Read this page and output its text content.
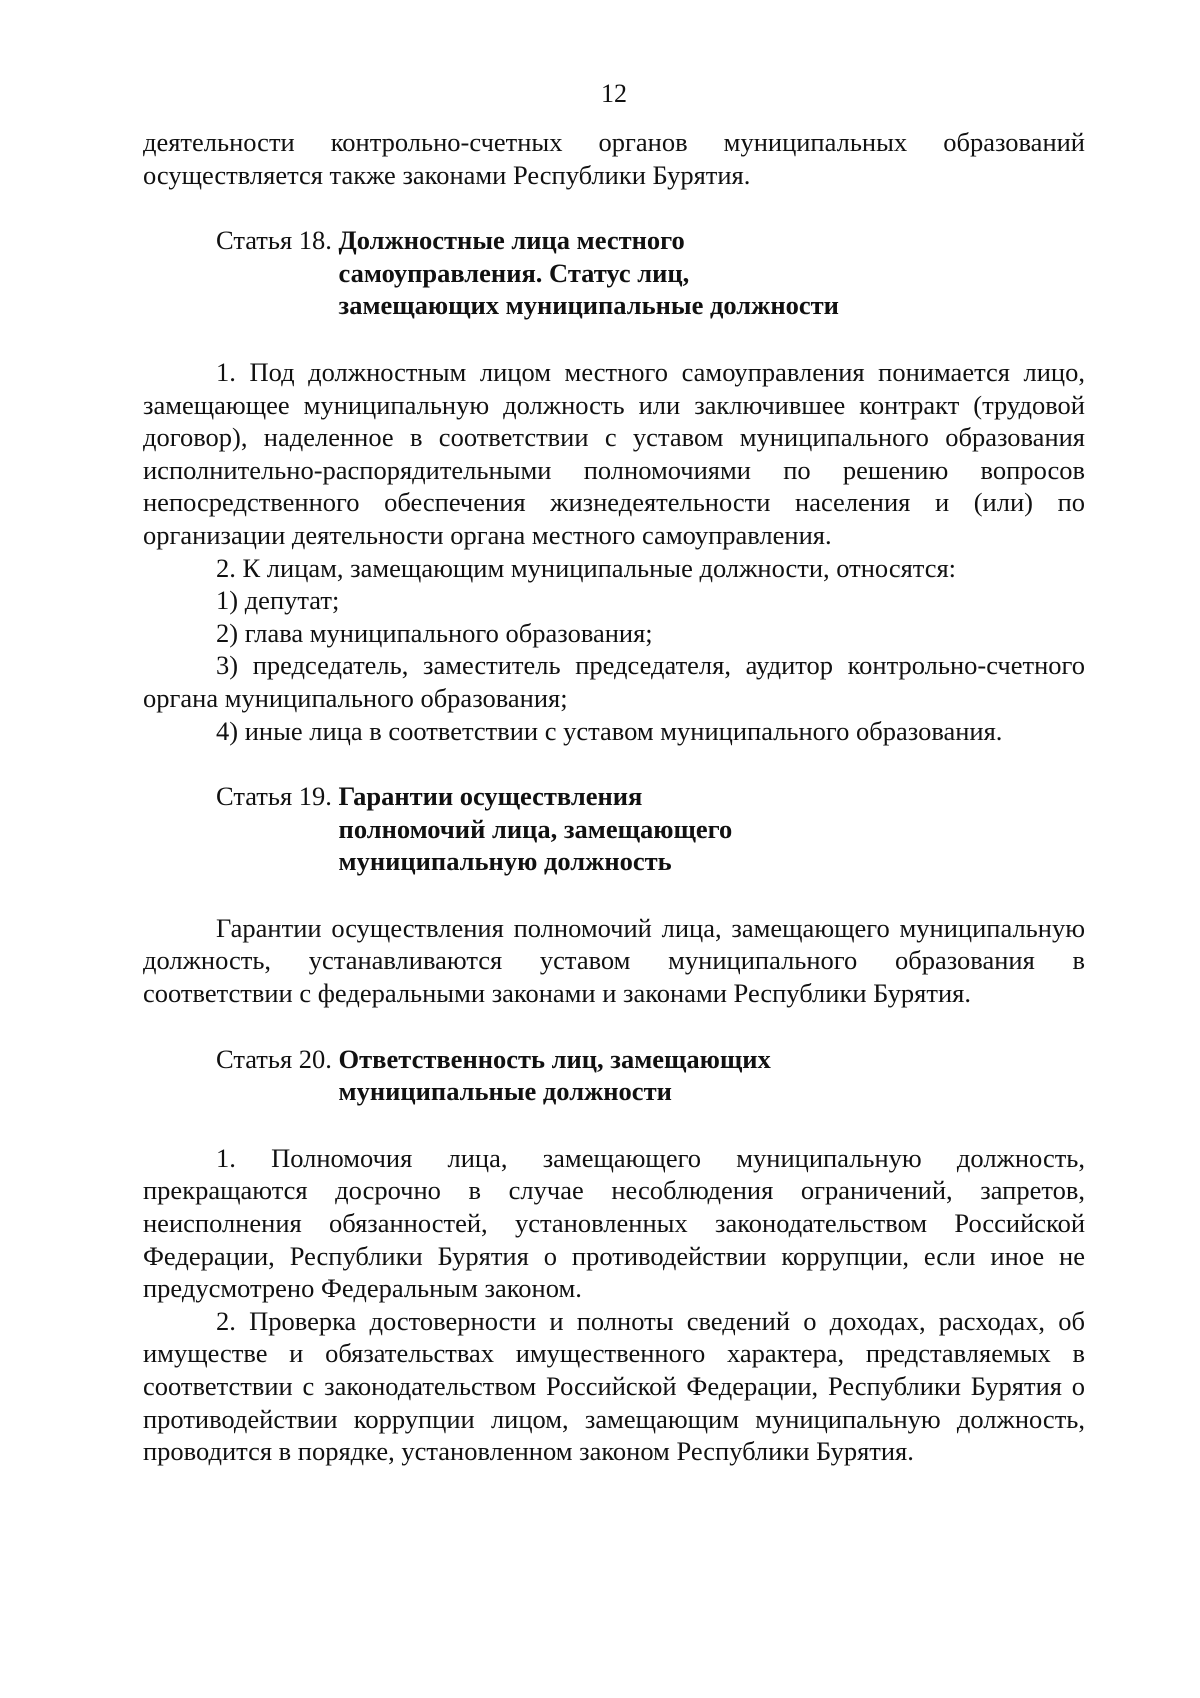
12

деятельности контрольно-счетных органов муниципальных образований осуществляется также законами Республики Бурятия.

Статья 18. Должностные лица местного
самоуправления. Статус лиц,
замещающих муниципальные должности

1. Под должностным лицом местного самоуправления понимается лицо, замещающее муниципальную должность или заключившее контракт (трудовой договор), наделенное в соответствии с уставом муниципального образования исполнительно-распорядительными полномочиями по решению вопросов непосредственного обеспечения жизнедеятельности населения и (или) по организации деятельности органа местного самоуправления.

2. К лицам, замещающим муниципальные должности, относятся:

1) депутат;

2) глава муниципального образования;

3) председатель, заместитель председателя, аудитор контрольно-счетного органа муниципального образования;

4) иные лица в соответствии с уставом муниципального образования.

Статья 19. Гарантии осуществления
полномочий лица, замещающего
муниципальную должность

Гарантии осуществления полномочий лица, замещающего муниципальную должность, устанавливаются уставом муниципального образования в соответствии с федеральными законами и законами Республики Бурятия.

Статья 20. Ответственность лиц, замещающих
муниципальные должности

1. Полномочия лица, замещающего муниципальную должность, прекращаются досрочно в случае несоблюдения ограничений, запретов, неисполнения обязанностей, установленных законодательством Российской Федерации, Республики Бурятия о противодействии коррупции, если иное не предусмотрено Федеральным законом.

2. Проверка достоверности и полноты сведений о доходах, расходах, об имуществе и обязательствах имущественного характера, представляемых в соответствии с законодательством Российской Федерации, Республики Бурятия о противодействии коррупции лицом, замещающим муниципальную должность, проводится в порядке, установленном законом Республики Бурятия.
